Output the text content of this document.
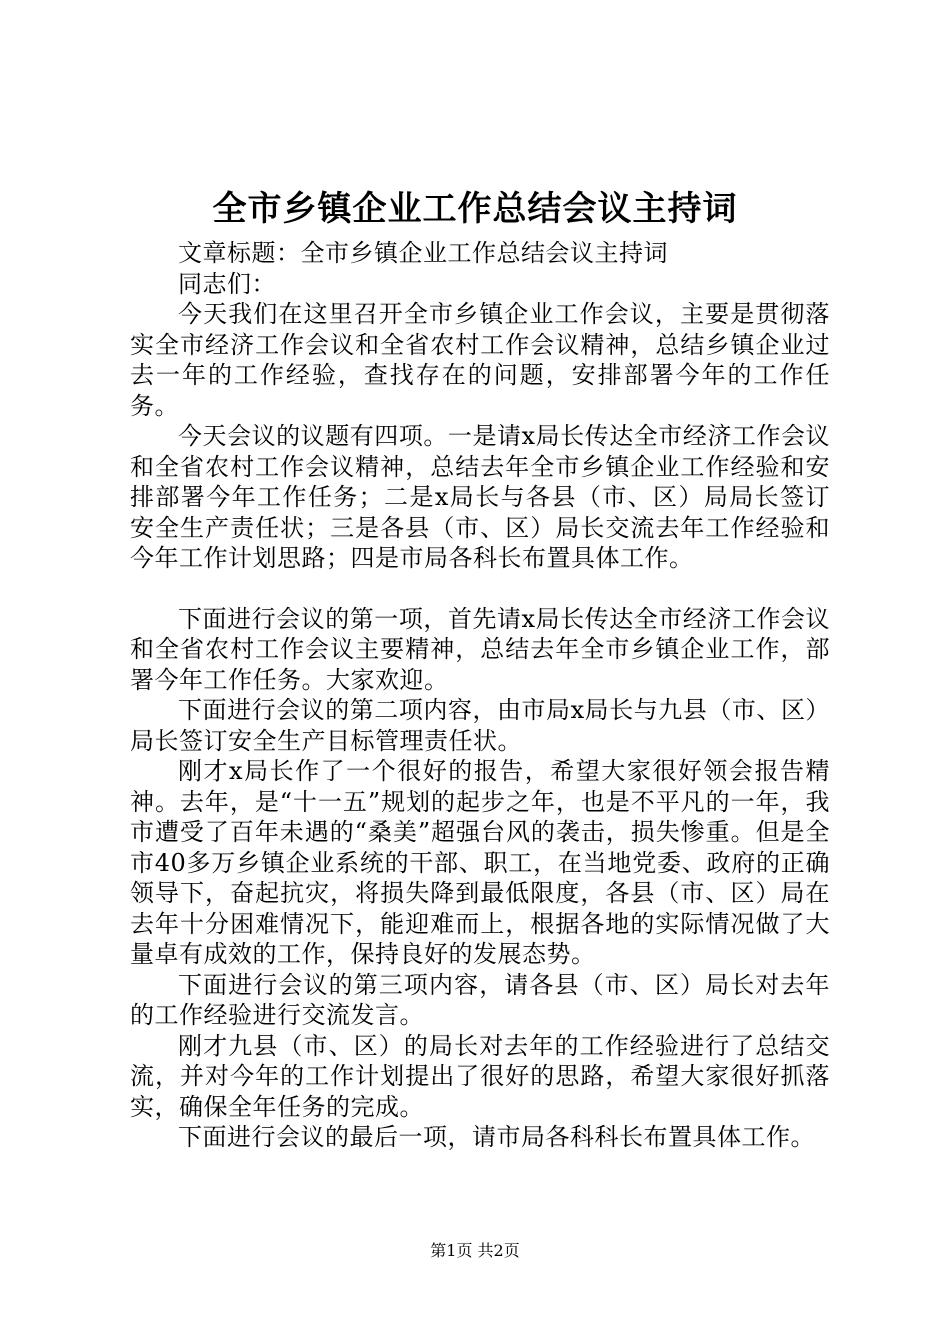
全市乡镇企业工作总结会议主持词

文章标题：全市乡镇企业工作总结会议主持词

同志们：

今天我们在这里召开全市乡镇企业工作会议，主要是贯彻落实全市经济工作会议和全省农村工作会议精神，总结乡镇企业过去一年的工作经验，查找存在的问题，安排部署今年的工作任务。

今天会议的议题有四项。一是请x局长传达全市经济工作会议和全省农村工作会议精神，总结去年全市乡镇企业工作经验和安排部署今年工作任务；二是x局长与各县（市、区）局局长签订安全生产责任状；三是各县（市、区）局长交流去年工作经验和今年工作计划思路；四是市局各科长布置具体工作。

下面进行会议的第一项，首先请x局长传达全市经济工作会议和全省农村工作会议主要精神，总结去年全市乡镇企业工作，部署今年工作任务。大家欢迎。

下面进行会议的第二项内容，由市局x局长与九县（市、区）局长签订安全生产目标管理责任状。

刚才x局长作了一个很好的报告，希望大家很好领会报告精神。去年，是“十一五”规划的起步之年，也是不平凡的一年，我市遭受了百年未遇的“桑美”超强台风的袭击，损失惨重。但是全市40多万乡镇企业系统的干部、职工，在当地党委、政府的正确领导下，奋起抗灾，将损失降到最低限度，各县（市、区）局在去年十分困难情况下，能迎难而上，根据各地的实际情况做了大量卓有成效的工作，保持良好的发展态势。

下面进行会议的第三项内容，请各县（市、区）局长对去年的工作经验进行交流发言。

刚才九县（市、区）的局长对去年的工作经验进行了总结交流，并对今年的工作计划提出了很好的思路，希望大家很好抓落实，确保全年任务的完成。

下面进行会议的最后一项，请市局各科科长布置具体工作。

第1页 共2页
